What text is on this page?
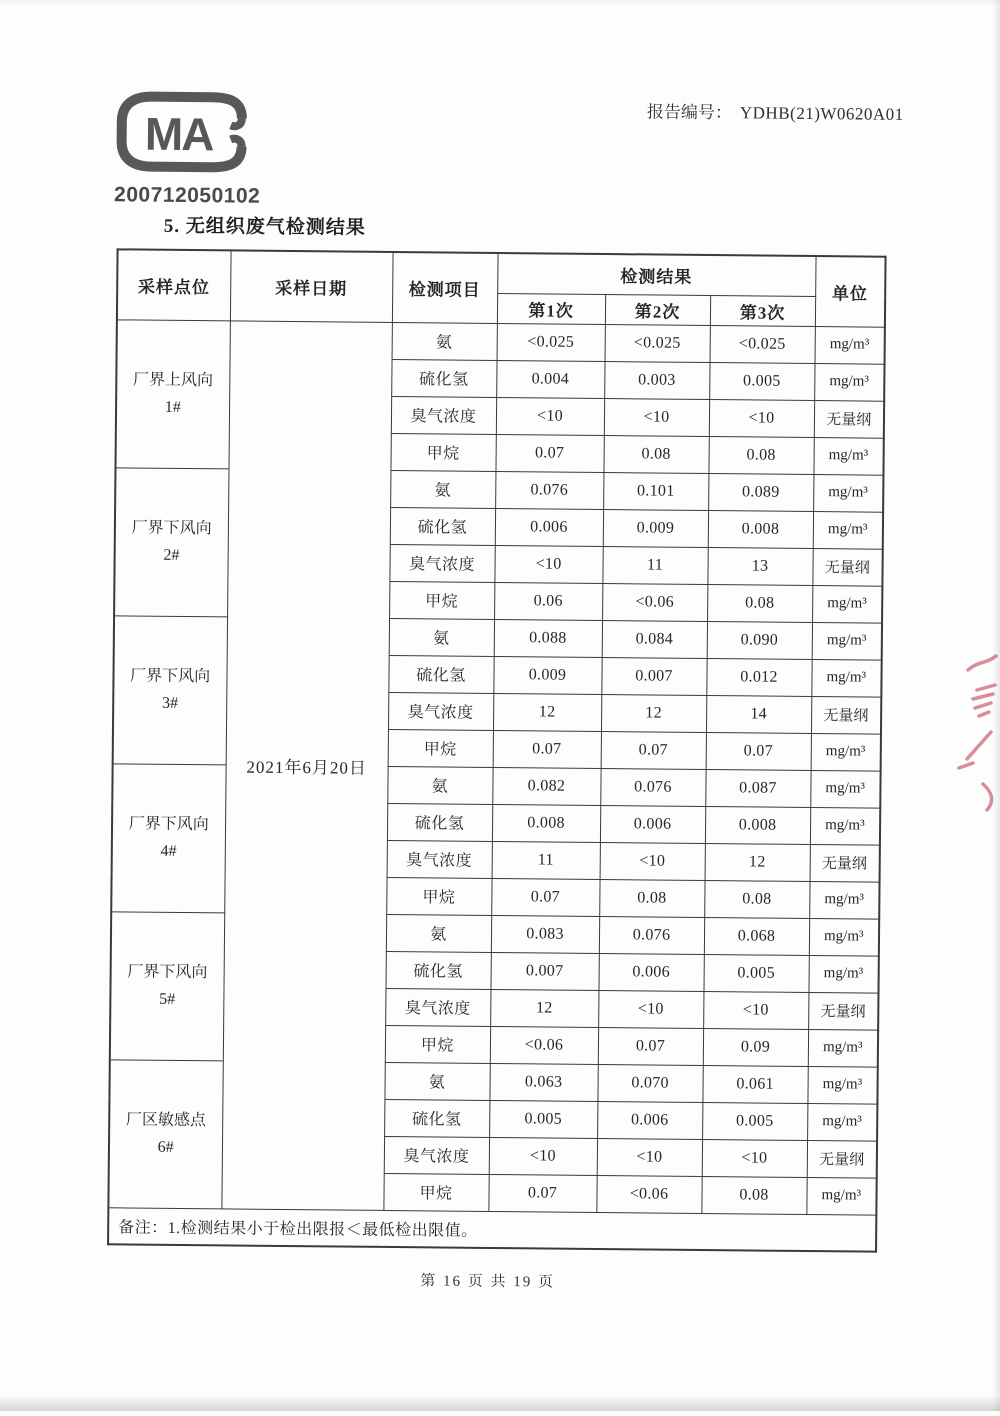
MA
200712050102
报告编号： YDHB(21)W0620A01
5. 无组织废气检测结果
采样点位	采样日期	检测项目	检测结果			单位
			第1次	第2次	第3次	

厂界上风向
1#	2021年6月20日	氨	<0.025	<0.025	<0.025	mg/m³
		硫化氢	0.004	0.003	0.005	mg/m³
		臭气浓度	<10	<10	<10	无量纲
		甲烷	0.07	0.08	0.08	mg/m³

厂界下风向
2#		氨	0.076	0.101	0.089	mg/m³
		硫化氢	0.006	0.009	0.008	mg/m³
		臭气浓度	<10	11	13	无量纲
		甲烷	0.06	<0.06	0.08	mg/m³

厂界下风向
3#		氨	0.088	0.084	0.090	mg/m³
		硫化氢	0.009	0.007	0.012	mg/m³
		臭气浓度	12	12	14	无量纲
		甲烷	0.07	0.07	0.07	mg/m³

厂界下风向
4#		氨	0.082	0.076	0.087	mg/m³
		硫化氢	0.008	0.006	0.008	mg/m³
		臭气浓度	11	<10	12	无量纲
		甲烷	0.07	0.08	0.08	mg/m³

厂界下风向
5#		氨	0.083	0.076	0.068	mg/m³
		硫化氢	0.007	0.006	0.005	mg/m³
		臭气浓度	12	<10	<10	无量纲
		甲烷	<0.06	0.07	0.09	mg/m³

厂区敏感点
6#		氨	0.063	0.070	0.061	mg/m³
		硫化氢	0.005	0.006	0.005	mg/m³
		臭气浓度	<10	<10	<10	无量纲
		甲烷	0.07	<0.06	0.08	mg/m³
备注：1.检测结果小于检出限报＜最低检出限值。						
第 16 页 共 19 页
